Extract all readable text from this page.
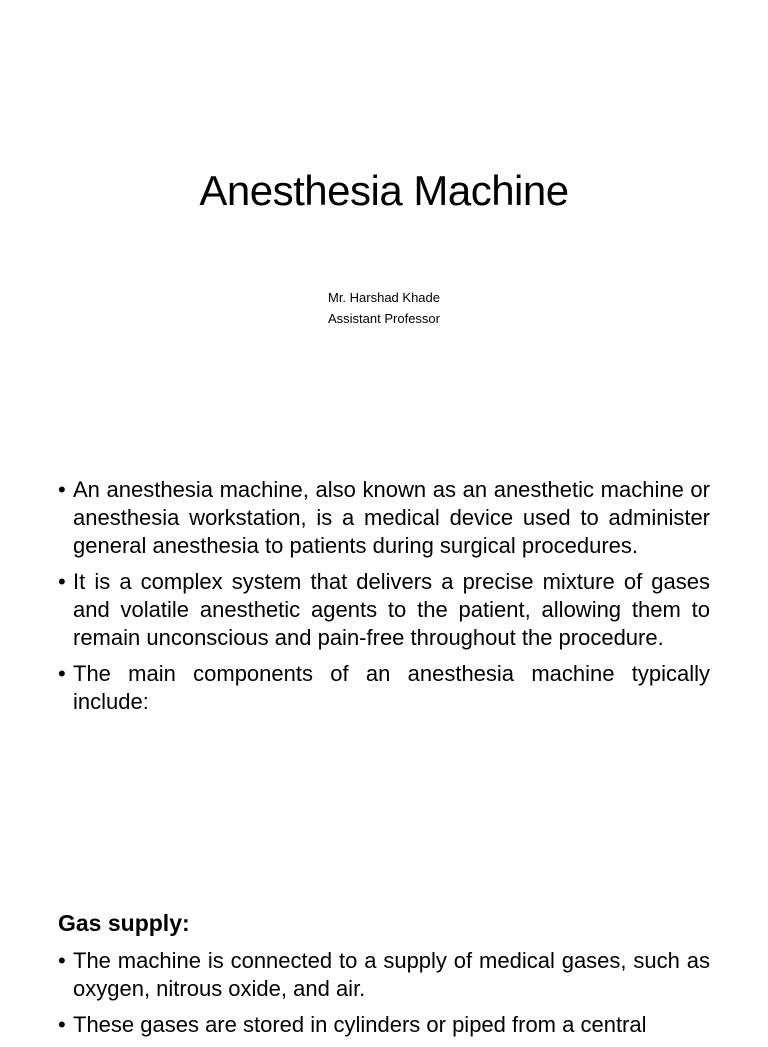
Anesthesia Machine
Mr. Harshad Khade
Assistant Professor
• An anesthesia machine, also known as an anesthetic machine or anesthesia workstation, is a medical device used to administer general anesthesia to patients during surgical procedures.
• It is a complex system that delivers a precise mixture of gases and volatile anesthetic agents to the patient, allowing them to remain unconscious and pain-free throughout the procedure.
• The main components of an anesthesia machine typically include:
Gas supply:
• The machine is connected to a supply of medical gases, such as oxygen, nitrous oxide, and air.
• These gases are stored in cylinders or piped from a central
